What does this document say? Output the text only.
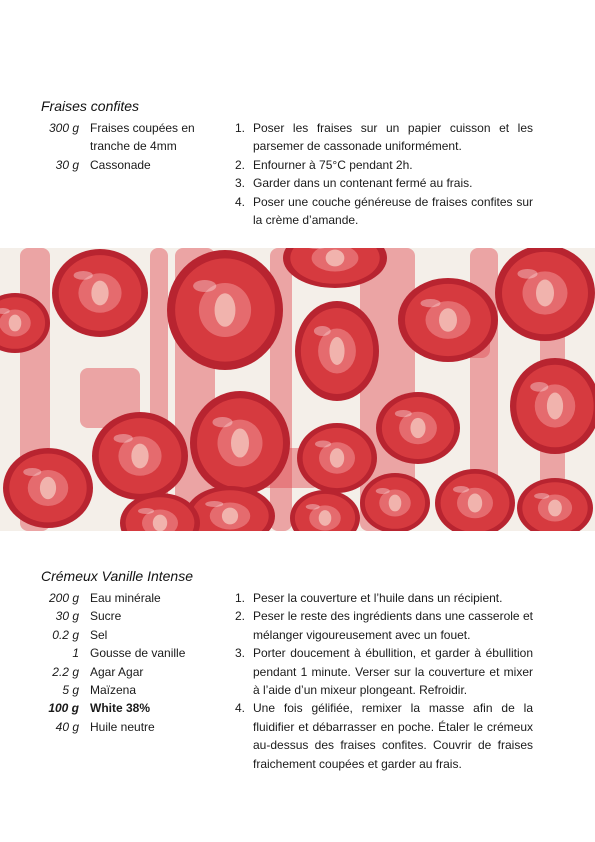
Fraises confites
300 g Fraises coupées en tranche de 4mm
30 g Cassonade
1. Poser les fraises sur un papier cuisson et les parsemer de cassonade uniformément.
2. Enfourner à 75°C pendant 2h.
3. Garder dans un contenant fermé au frais.
4. Poser une couche généreuse de fraises confites sur la crème d’amande.
Crémeux Vanille Intense
200 g Eau minérale
30 g Sucre
0.2 g Sel
1 Gousse de vanille
2.2 g Agar Agar
5 g Maïzena
100 g White 38%
40 g Huile neutre
1. Peser la couverture et l’huile dans un récipient.
2. Peser le reste des ingrédients dans une casserole et mélanger vigoureusement avec un fouet.
3. Porter doucement à ébullition, et garder à ébullition pendant 1 minute. Verser sur la couverture et mixer à l’aide d’un mixeur plongeant. Refroidir.
4. Une fois gélifiée, remixer la masse afin de la fluidifier et débarrasser en poche. Étaler le crémeux au-dessus des fraises confites. Couvrir de fraises fraichement coupées et garder au frais.
